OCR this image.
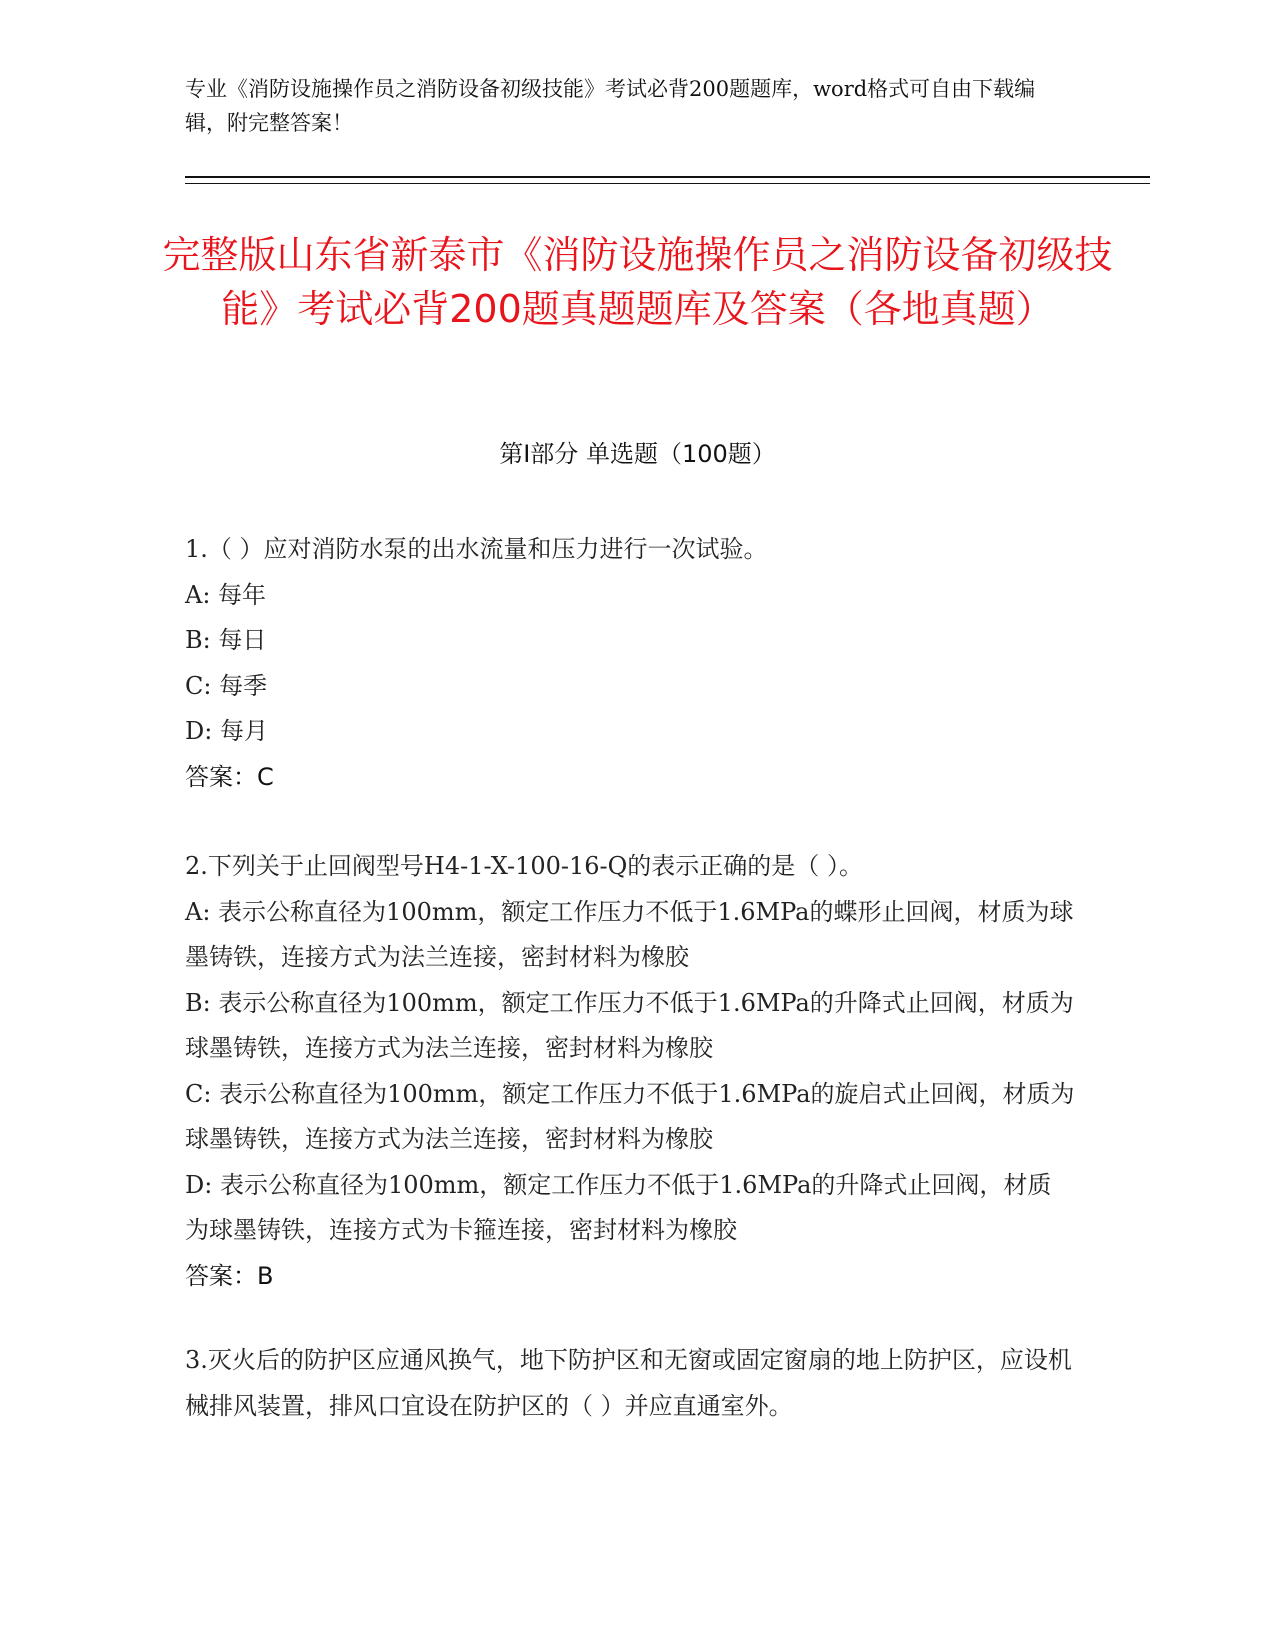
专业《消防设施操作员之消防设备初级技能》考试必背200题题库，word格式可自由下载编辑，附完整答案！
完整版山东省新泰市《消防设施操作员之消防设备初级技能》考试必背200题真题题库及答案（各地真题）
第Ⅰ部分 单选题（100题）

1.（ ）应对消防水泵的出水流量和压力进行一次试验。

A: 每年

B: 每日

C: 每季

D: 每月

答案：C

2.下列关于止回阀型号H4-1-X-100-16-Q的表示正确的是（ ）。

A: 表示公称直径为100mm，额定工作压力不低于1.6MPa的蝶形止回阀，材质为球墨铸铁，连接方式为法兰连接，密封材料为橡胶

B: 表示公称直径为100mm，额定工作压力不低于1.6MPa的升降式止回阀，材质为球墨铸铁，连接方式为法兰连接，密封材料为橡胶

C: 表示公称直径为100mm，额定工作压力不低于1.6MPa的旋启式止回阀，材质为球墨铸铁，连接方式为法兰连接，密封材料为橡胶

D: 表示公称直径为100mm，额定工作压力不低于1.6MPa的升降式止回阀，材质为球墨铸铁，连接方式为卡箍连接，密封材料为橡胶

答案：B

3.灭火后的防护区应通风换气，地下防护区和无窗或固定窗扇的地上防护区，应设机械排风装置，排风口宜设在防护区的（ ）并应直通室外。
